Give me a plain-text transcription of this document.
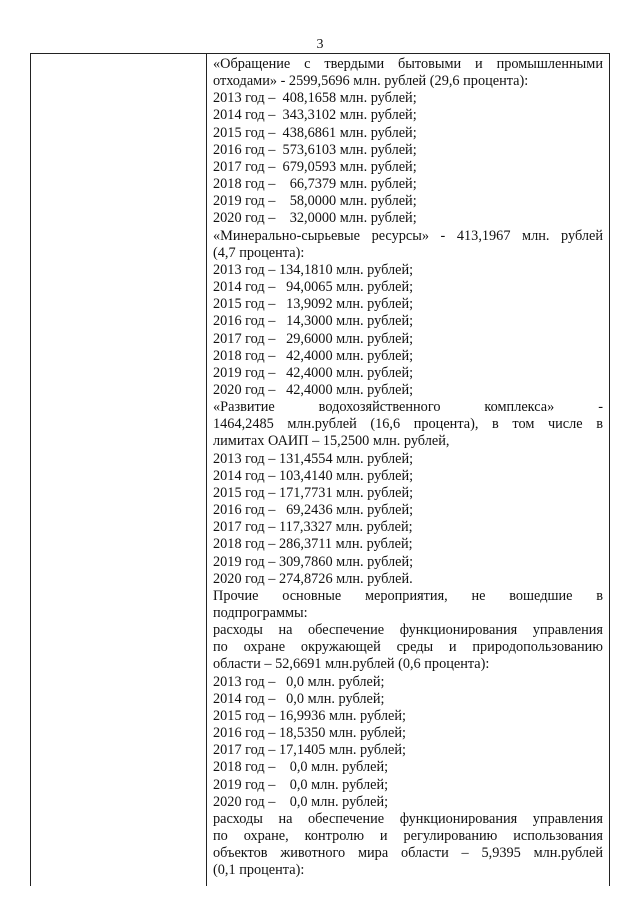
3
«Обращение с твердыми бытовыми и промышленными
отходами» - 2599,5696 млн. рублей (29,6 процента):
2013 год –  408,1658 млн. рублей;
2014 год –  343,3102 млн. рублей;
2015 год –  438,6861 млн. рублей;
2016 год –  573,6103 млн. рублей;
2017 год –  679,0593 млн. рублей;
2018 год –    66,7379 млн. рублей;
2019 год –    58,0000 млн. рублей;
2020 год –    32,0000 млн. рублей;
«Минерально-сырьевые ресурсы» - 413,1967 млн. рублей
(4,7 процента):
2013 год – 134,1810 млн. рублей;
2014 год –   94,0065 млн. рублей;
2015 год –   13,9092 млн. рублей;
2016 год –   14,3000 млн. рублей;
2017 год –   29,6000 млн. рублей;
2018 год –   42,4000 млн. рублей;
2019 год –   42,4000 млн. рублей;
2020 год –   42,4000 млн. рублей;
«Развитие водохозяйственного комплекса» -
1464,2485 млн.рублей (16,6 процента), в том числе в
лимитах ОАИП – 15,2500 млн. рублей,
2013 год – 131,4554 млн. рублей;
2014 год – 103,4140 млн. рублей;
2015 год – 171,7731 млн. рублей;
2016 год –   69,2436 млн. рублей;
2017 год – 117,3327 млн. рублей;
2018 год – 286,3711 млн. рублей;
2019 год – 309,7860 млн. рублей;
2020 год – 274,8726 млн. рублей.
Прочие основные мероприятия, не вошедшие в
подпрограммы:
расходы на обеспечение функционирования управления
по охране окружающей среды и природопользованию
области – 52,6691 млн.рублей (0,6 процента):
2013 год –   0,0 млн. рублей;
2014 год –   0,0 млн. рублей;
2015 год – 16,9936 млн. рублей;
2016 год – 18,5350 млн. рублей;
2017 год – 17,1405 млн. рублей;
2018 год –    0,0 млн. рублей;
2019 год –    0,0 млн. рублей;
2020 год –    0,0 млн. рублей;
расходы на обеспечение функционирования управления
по охране, контролю и регулированию использования
объектов животного мира области – 5,9395 млн.рублей
(0,1 процента):
